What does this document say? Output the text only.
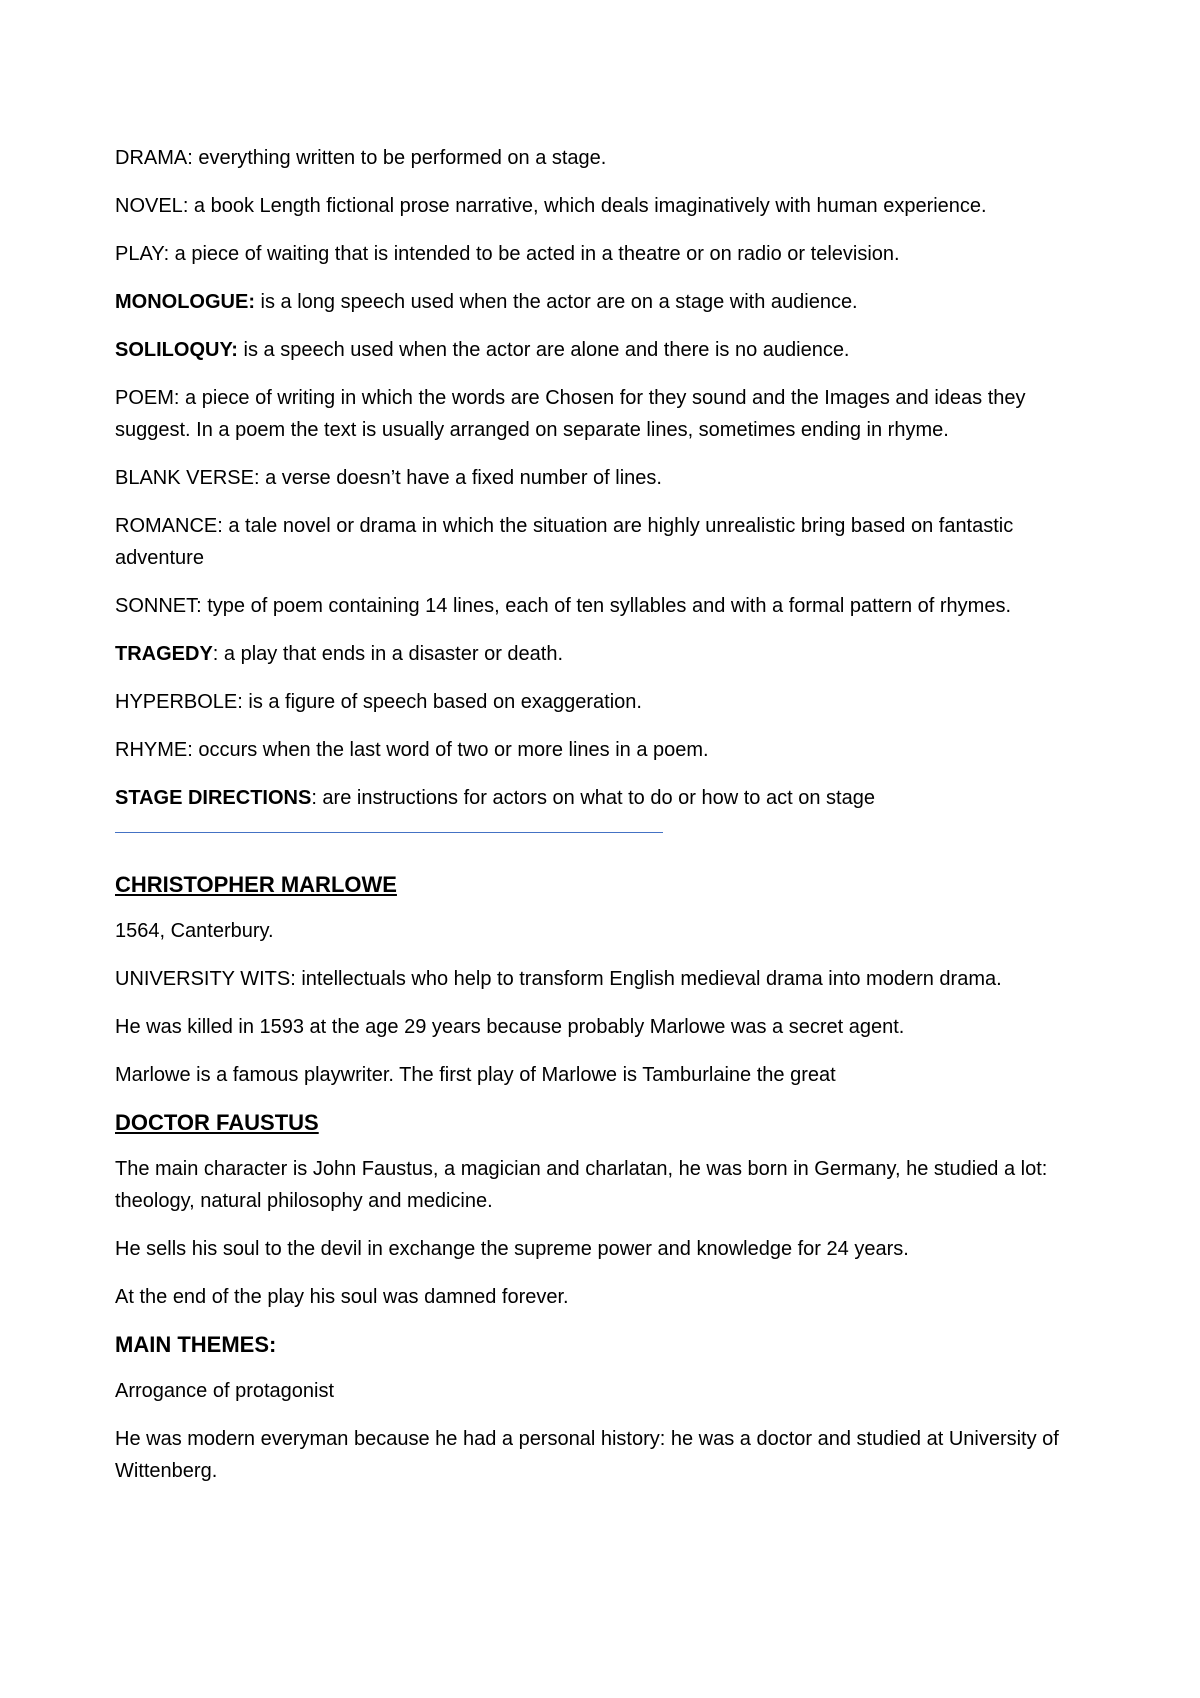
DRAMA: everything written to be performed on a stage.

NOVEL: a book Length fictional prose narrative, which deals imaginatively with human experience.

PLAY: a piece of waiting that is intended to be acted in a theatre or on radio or television.

MONOLOGUE: is a long speech used when the actor are on a stage with audience.

SOLILOQUY: is a speech used when the actor are alone and there is no audience.

POEM: a piece of writing in which the words are Chosen for they sound and the Images and ideas they suggest. In a poem the text is usually arranged on separate lines, sometimes ending in rhyme.

BLANK VERSE: a verse doesn’t have a fixed number of lines.

ROMANCE: a tale novel or drama in which the situation are highly unrealistic bring based on fantastic adventure

SONNET: type of poem containing 14 lines, each of ten syllables and with a formal pattern of rhymes.

TRAGEDY: a play that ends in a disaster or death.

HYPERBOLE: is a figure of speech based on exaggeration.

RHYME: occurs when the last word of two or more lines in a poem.

STAGE DIRECTIONS: are instructions for actors on what to do or how to act on stage

CHRISTOPHER MARLOWE

1564, Canterbury.

UNIVERSITY WITS: intellectuals who help to transform English medieval drama into modern drama.

He was killed in 1593 at the age 29 years because probably Marlowe was a secret agent.

Marlowe is a famous playwriter. The first play of Marlowe is Tamburlaine the great

DOCTOR FAUSTUS

The main character is John Faustus, a magician and charlatan, he was born in Germany, he studied a lot: theology, natural philosophy and medicine.

He sells his soul to the devil in exchange the supreme power and knowledge for 24 years.

At the end of the play his soul was damned forever.

MAIN THEMES:

Arrogance of protagonist

He was modern everyman because he had a personal history: he was a doctor and studied at University of Wittenberg.
